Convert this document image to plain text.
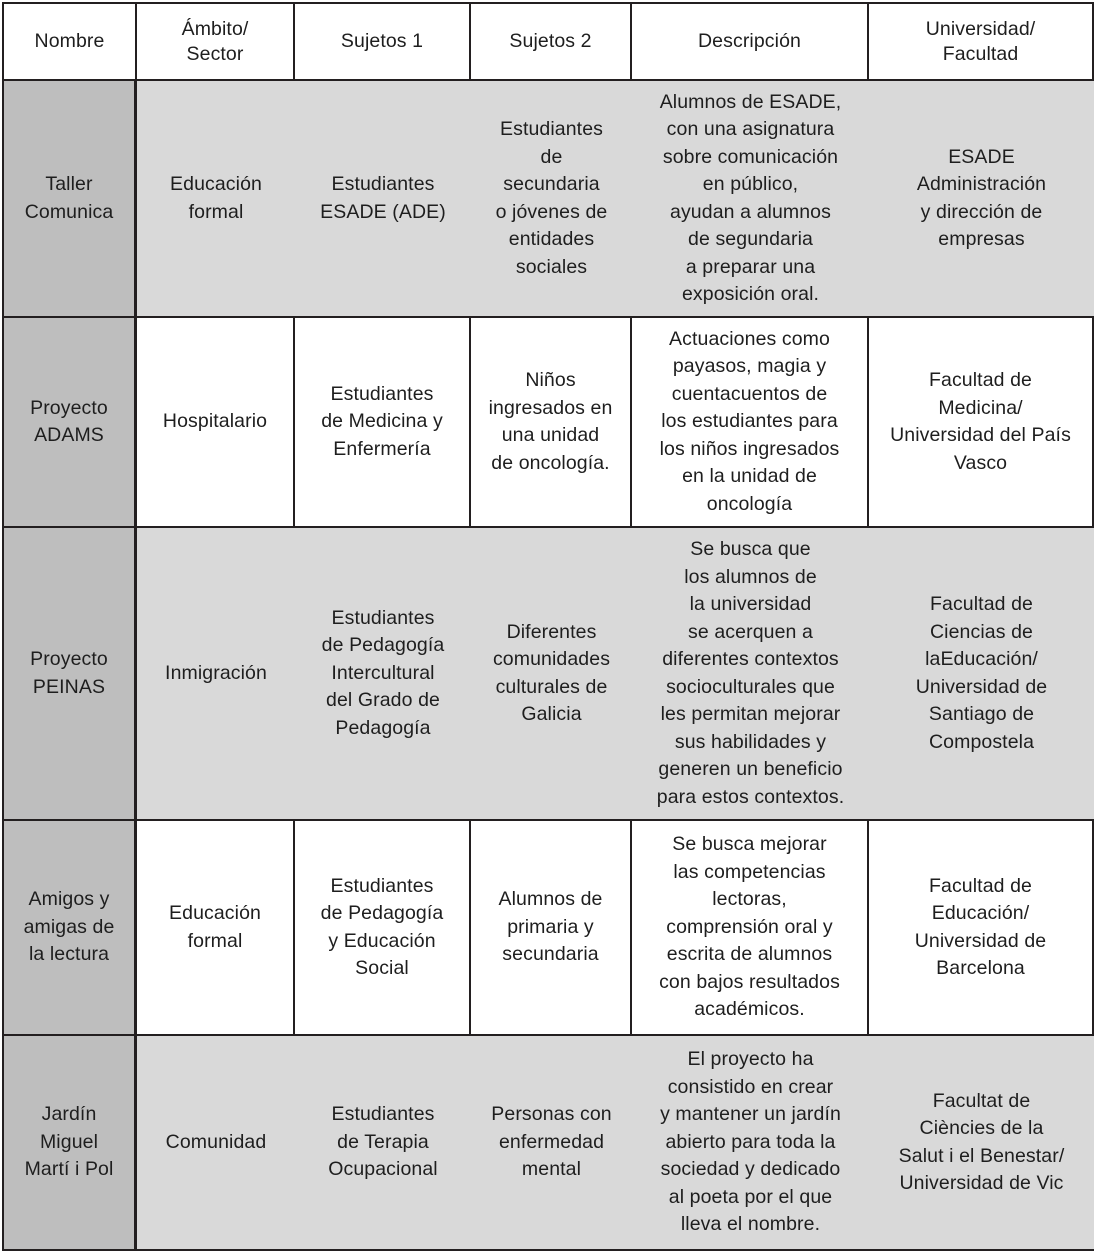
Nombre
Ámbito/
Sector
Sujetos 1	Sujetos 2	Descripción
Universidad/
Facultad
Taller
Comunica
Educación
formal
Estudiantes
ESADE (ADE)
Estudiantes
de
secundaria
o jóvenes de
entidades
sociales
Alumnos de ESADE,
con una asignatura
sobre comunicación
en público,
ayudan a alumnos
de segundaria
a preparar una
exposición oral.
ESADE
Administración
y dirección de
empresas
Proyecto
ADAMS
Hospitalario
Estudiantes
de Medicina y
Enfermería
Niños
ingresados en
una unidad
de oncología.
Actuaciones como
payasos, magia y
cuentacuentos de
los estudiantes para
los niños ingresados
en la unidad de
oncología
Facultad de
Medicina/
Universidad del País
Vasco
Proyecto
PEINAS
Inmigración
Estudiantes
de Pedagogía
Intercultural
del Grado de
Pedagogía
Diferentes
comunidades
culturales de
Galicia
Se busca que
los alumnos de
la universidad
se acerquen a
diferentes contextos
socioculturales que
les permitan mejorar
sus habilidades y
generen un beneficio
para estos contextos.
Facultad de
Ciencias de
laEducación/
Universidad de
Santiago de
Compostela
Amigos y
amigas de
la lectura
Educación
formal
Estudiantes
de Pedagogía
y Educación
Social
Alumnos de
primaria y
secundaria
Se busca mejorar
las competencias
lectoras,
comprensión oral y
escrita de alumnos
con bajos resultados
académicos.
Facultad de
Educación/
Universidad de
Barcelona
Jardín
Miguel
Martí i Pol
Comunidad
Estudiantes
de Terapia
Ocupacional
Personas con
enfermedad
mental
El proyecto ha
consistido en crear
y mantener un jardín
abierto para toda la
sociedad y dedicado
al poeta por el que
lleva el nombre.
Facultat de
Ciències de la
Salut i el Benestar/
Universidad de Vic
